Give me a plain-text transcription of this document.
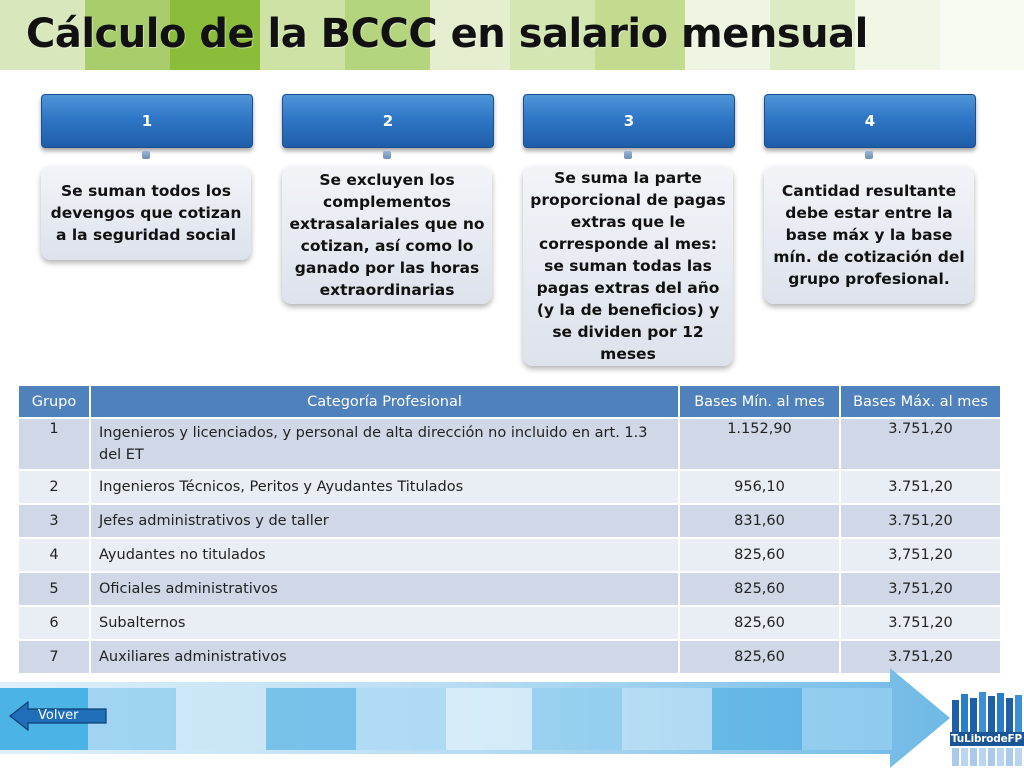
Cálculo de la BCCC en salario mensual
1
Se suman todos los devengos que cotizan a la seguridad social
2
Se excluyen los complementos extrasalariales que no cotizan, así como lo ganado por las horas extraordinarias
3
Se suma la parte proporcional de pagas extras que le corresponde al mes: se suman todas las pagas extras del año (y la de beneficios) y se dividen por 12 meses
4
Cantidad resultante debe estar entre la base máx y la base mín. de cotización del grupo profesional.
Grupo	Categoría Profesional	Bases Mín. al mes	Bases Máx. al mes
1	Ingenieros y licenciados, y personal de alta dirección no incluido en art. 1.3 del ET	1.152,90	3.751,20
2	Ingenieros Técnicos, Peritos y Ayudantes Titulados	956,10	3.751,20
3	Jefes administrativos y de taller	831,60	3.751,20
4	Ayudantes no titulados	825,60	3,751,20
5	Oficiales administrativos	825,60	3,751,20
6	Subalternos	825,60	3.751,20
7	Auxiliares administrativos	825,60	3.751,20
Volver
TuLibrodeFP
